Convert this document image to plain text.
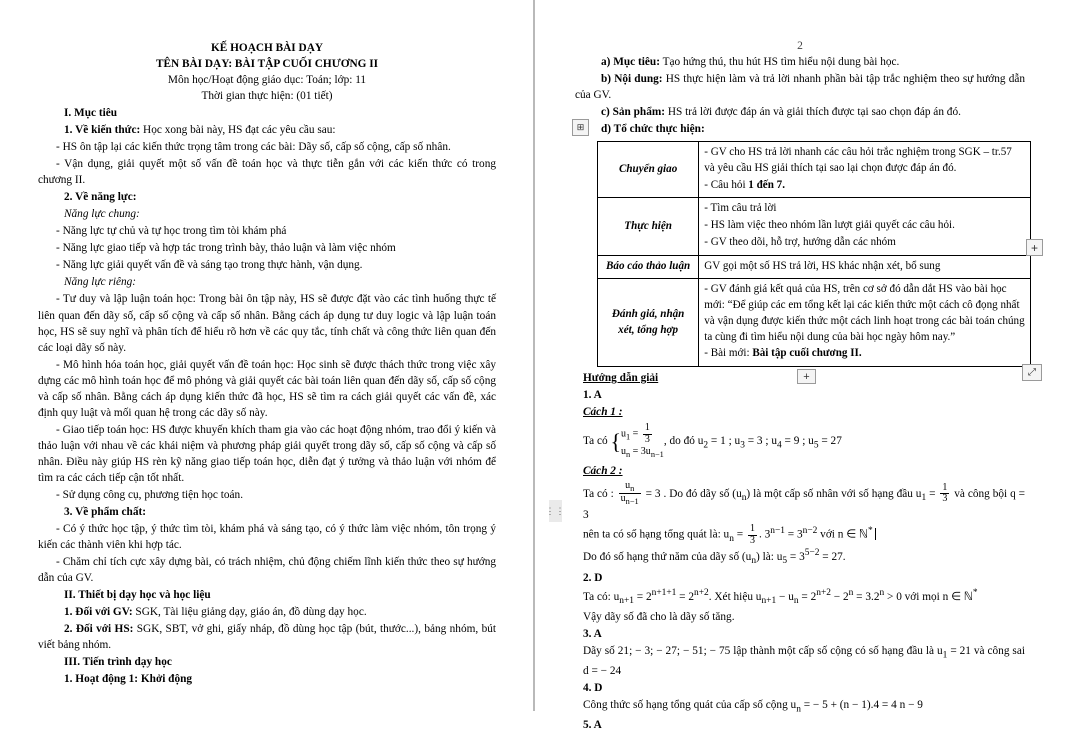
KẾ HOẠCH BÀI DẠY

TÊN BÀI DẠY: BÀI TẬP CUỐI CHƯƠNG II

Môn học/Hoạt động giáo dục: Toán; lớp: 11

Thời gian thực hiện: (01 tiết)

I. Mục tiêu

1. Về kiến thức: Học xong bài này, HS đạt các yêu cầu sau:

- HS ôn tập lại các kiến thức trọng tâm trong các bài: Dãy số, cấp số cộng, cấp số nhân.

- Vận dụng, giải quyết một số vấn đề toán học và thực tiễn gắn với các kiến thức có trong chương II.

2. Về năng lực:

Năng lực chung:

- Năng lực tự chủ và tự học trong tìm tòi khám phá

- Năng lực giao tiếp và hợp tác trong trình bày, thảo luận và làm việc nhóm

- Năng lực giải quyết vấn đề và sáng tạo trong thực hành, vận dụng.

Năng lực riêng:

- Tư duy và lập luận toán học: Trong bài ôn tập này, HS sẽ được đặt vào các tình huống thực tế liên quan đến dãy số, cấp số cộng và cấp số nhân. Bằng cách áp dụng tư duy logic và lập luận toán học, HS sẽ suy nghĩ và phân tích để hiểu rõ hơn về các quy tắc, tính chất và công thức liên quan đến các loại dãy số này.

- Mô hình hóa toán học, giải quyết vấn đề toán học: Học sinh sẽ được thách thức trong việc xây dựng các mô hình toán học để mô phỏng và giải quyết các bài toán liên quan đến dãy số, cấp số cộng và cấp số nhân. Bằng cách áp dụng kiến thức đã học, HS sẽ tìm ra cách giải quyết các vấn đề, xác định quy luật và mối quan hệ trong các dãy số này.

- Giao tiếp toán học: HS được khuyến khích tham gia vào các hoạt động nhóm, trao đổi ý kiến và thảo luận với nhau về các khái niệm và phương pháp giải quyết trong dãy số, cấp số cộng và cấp số nhân. Điều này giúp HS rèn kỹ năng giao tiếp toán học, diễn đạt ý tưởng và thảo luận với nhóm để tìm ra các cách tiếp cận tốt nhất.

- Sử dụng công cụ, phương tiện học toán.

3. Về phẩm chất:

- Có ý thức học tập, ý thức tìm tòi, khám phá và sáng tạo, có ý thức làm việc nhóm, tôn trọng ý kiến các thành viên khi hợp tác.

- Chăm chỉ tích cực xây dựng bài, có trách nhiệm, chủ động chiếm lĩnh kiến thức theo sự hướng dẫn của GV.

II. Thiết bị dạy học và học liệu

1. Đối với GV: SGK, Tài liệu giảng dạy, giáo án, đồ dùng dạy học.

2. Đối với HS: SGK, SBT, vở ghi, giấy nháp, đồ dùng học tập (bút, thước...), bảng nhóm, bút viết bảng nhóm.

III. Tiến trình dạy học

1. Hoạt động 1: Khởi động

2

a) Mục tiêu: Tạo hứng thú, thu hút HS tìm hiểu nội dung bài học.

b) Nội dung: HS thực hiện làm và trả lời nhanh phần bài tập trắc nghiệm theo sự hướng dẫn của GV.

c) Sản phẩm: HS trả lời được đáp án và giải thích được tại sao chọn đáp án đó.

d) Tổ chức thực hiện:

Chuyển giao	- GV cho HS trả lời nhanh các câu hỏi trắc nghiệm trong SGK – tr.57 và yêu cầu HS giải thích tại sao lại chọn được đáp án đó.

- Câu hỏi 1 đến 7.

Thực hiện	- Tìm câu trả lời

- HS làm việc theo nhóm lần lượt giải quyết các câu hỏi.

- GV theo dõi, hỗ trợ, hướng dẫn các nhóm

Báo cáo thảo luận	GV gọi một số HS trả lời, HS khác nhận xét, bổ sung

Đánh giá, nhận xét, tổng hợp	- GV đánh giá kết quả của HS, trên cơ sở đó dẫn dắt HS vào bài học mới: “Để giúp các em tổng kết lại các kiến thức một cách cô đọng nhất và vận dụng được kiến thức một cách linh hoạt trong các bài toán chúng ta cùng đi tìm hiểu nội dung của bài học ngày hôm nay.”

- Bài mới: Bài tập cuối chương II.

Hướng dẫn giải

1. A

Cách 1 :

Ta có { $u_1 = \frac{1}{3}$
$u_n = 3u_{n-1}$
, do đó $u_2 = 1$ ; $u_3 = 3$ ; $u_4 = 9$ ; $u_5 = 27$

Cách 2 :

Ta có : $\frac{u_n}{u_{n-1}} = 3$ . Do đó dãy số $(u_n)$ là một cấp số nhân với số hạng đầu $u_1 = \frac{1}{3}$ và công bội q = 3

nên ta có số hạng tổng quát là: $u_n = \frac{1}{3}$ . $3^{n-1} = 3^{n-2}$ với n ∈ ℕ*

Do đó số hạng thứ năm của dãy số $(u_n)$ là: $u_5 = 3^{5-2} = 27$.

2. D

Ta có: $u_{n+1} = 2^{n+1+1} = 2^{n+2}$. Xét hiệu $u_{n+1} - u_n = 2^{n+2} - 2^n = 3.2^n > 0$ với mọi n ∈ ℕ*

Vậy dãy số đã cho là dãy số tăng.

3. A

Dãy số 21; − 3; − 27; − 51; − 75 lập thành một cấp số cộng có số hạng đầu là $u_1 = 21$ và công sai d = − 24

4. D

Công thức số hạng tổng quát của cấp số cộng $u_n$ = − 5 + (n − 1).4 = 4 n − 9

5. A

⊞
+
+	⤢
⋮⋮
